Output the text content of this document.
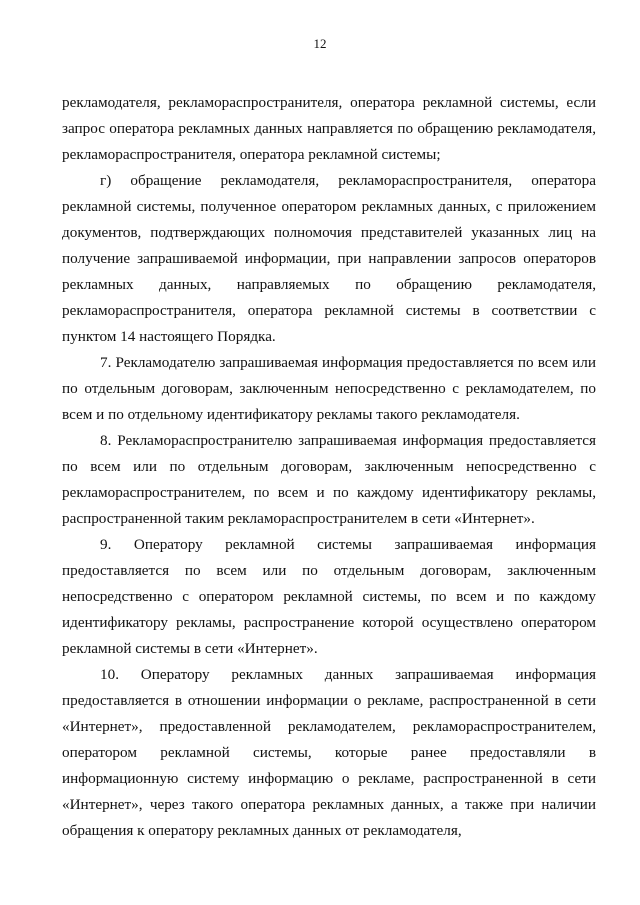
12

рекламодателя, рекламораспространителя, оператора рекламной системы, если запрос оператора рекламных данных направляется по обращению рекламодателя, рекламораспространителя, оператора рекламной системы;

г) обращение рекламодателя, рекламораспространителя, оператора рекламной системы, полученное оператором рекламных данных, с приложением документов, подтверждающих полномочия представителей указанных лиц на получение запрашиваемой информации, при направлении запросов операторов рекламных данных, направляемых по обращению рекламодателя, рекламораспространителя, оператора рекламной системы в соответствии с пунктом 14 настоящего Порядка.

7. Рекламодателю запрашиваемая информация предоставляется по всем или по отдельным договорам, заключенным непосредственно с рекламодателем, по всем и по отдельному идентификатору рекламы такого рекламодателя.

8. Рекламораспространителю запрашиваемая информация предоставляется по всем или по отдельным договорам, заключенным непосредственно с рекламораспространителем, по всем и по каждому идентификатору рекламы, распространенной таким рекламораспространителем в сети «Интернет».

9. Оператору рекламной системы запрашиваемая информация предоставляется по всем или по отдельным договорам, заключенным непосредственно с оператором рекламной системы, по всем и по каждому идентификатору рекламы, распространение которой осуществлено оператором рекламной системы в сети «Интернет».

10. Оператору рекламных данных запрашиваемая информация предоставляется в отношении информации о рекламе, распространенной в сети «Интернет», предоставленной рекламодателем, рекламораспространителем, оператором рекламной системы, которые ранее предоставляли в информационную систему информацию о рекламе, распространенной в сети «Интернет», через такого оператора рекламных данных, а также при наличии обращения к оператору рекламных данных от рекламодателя,
